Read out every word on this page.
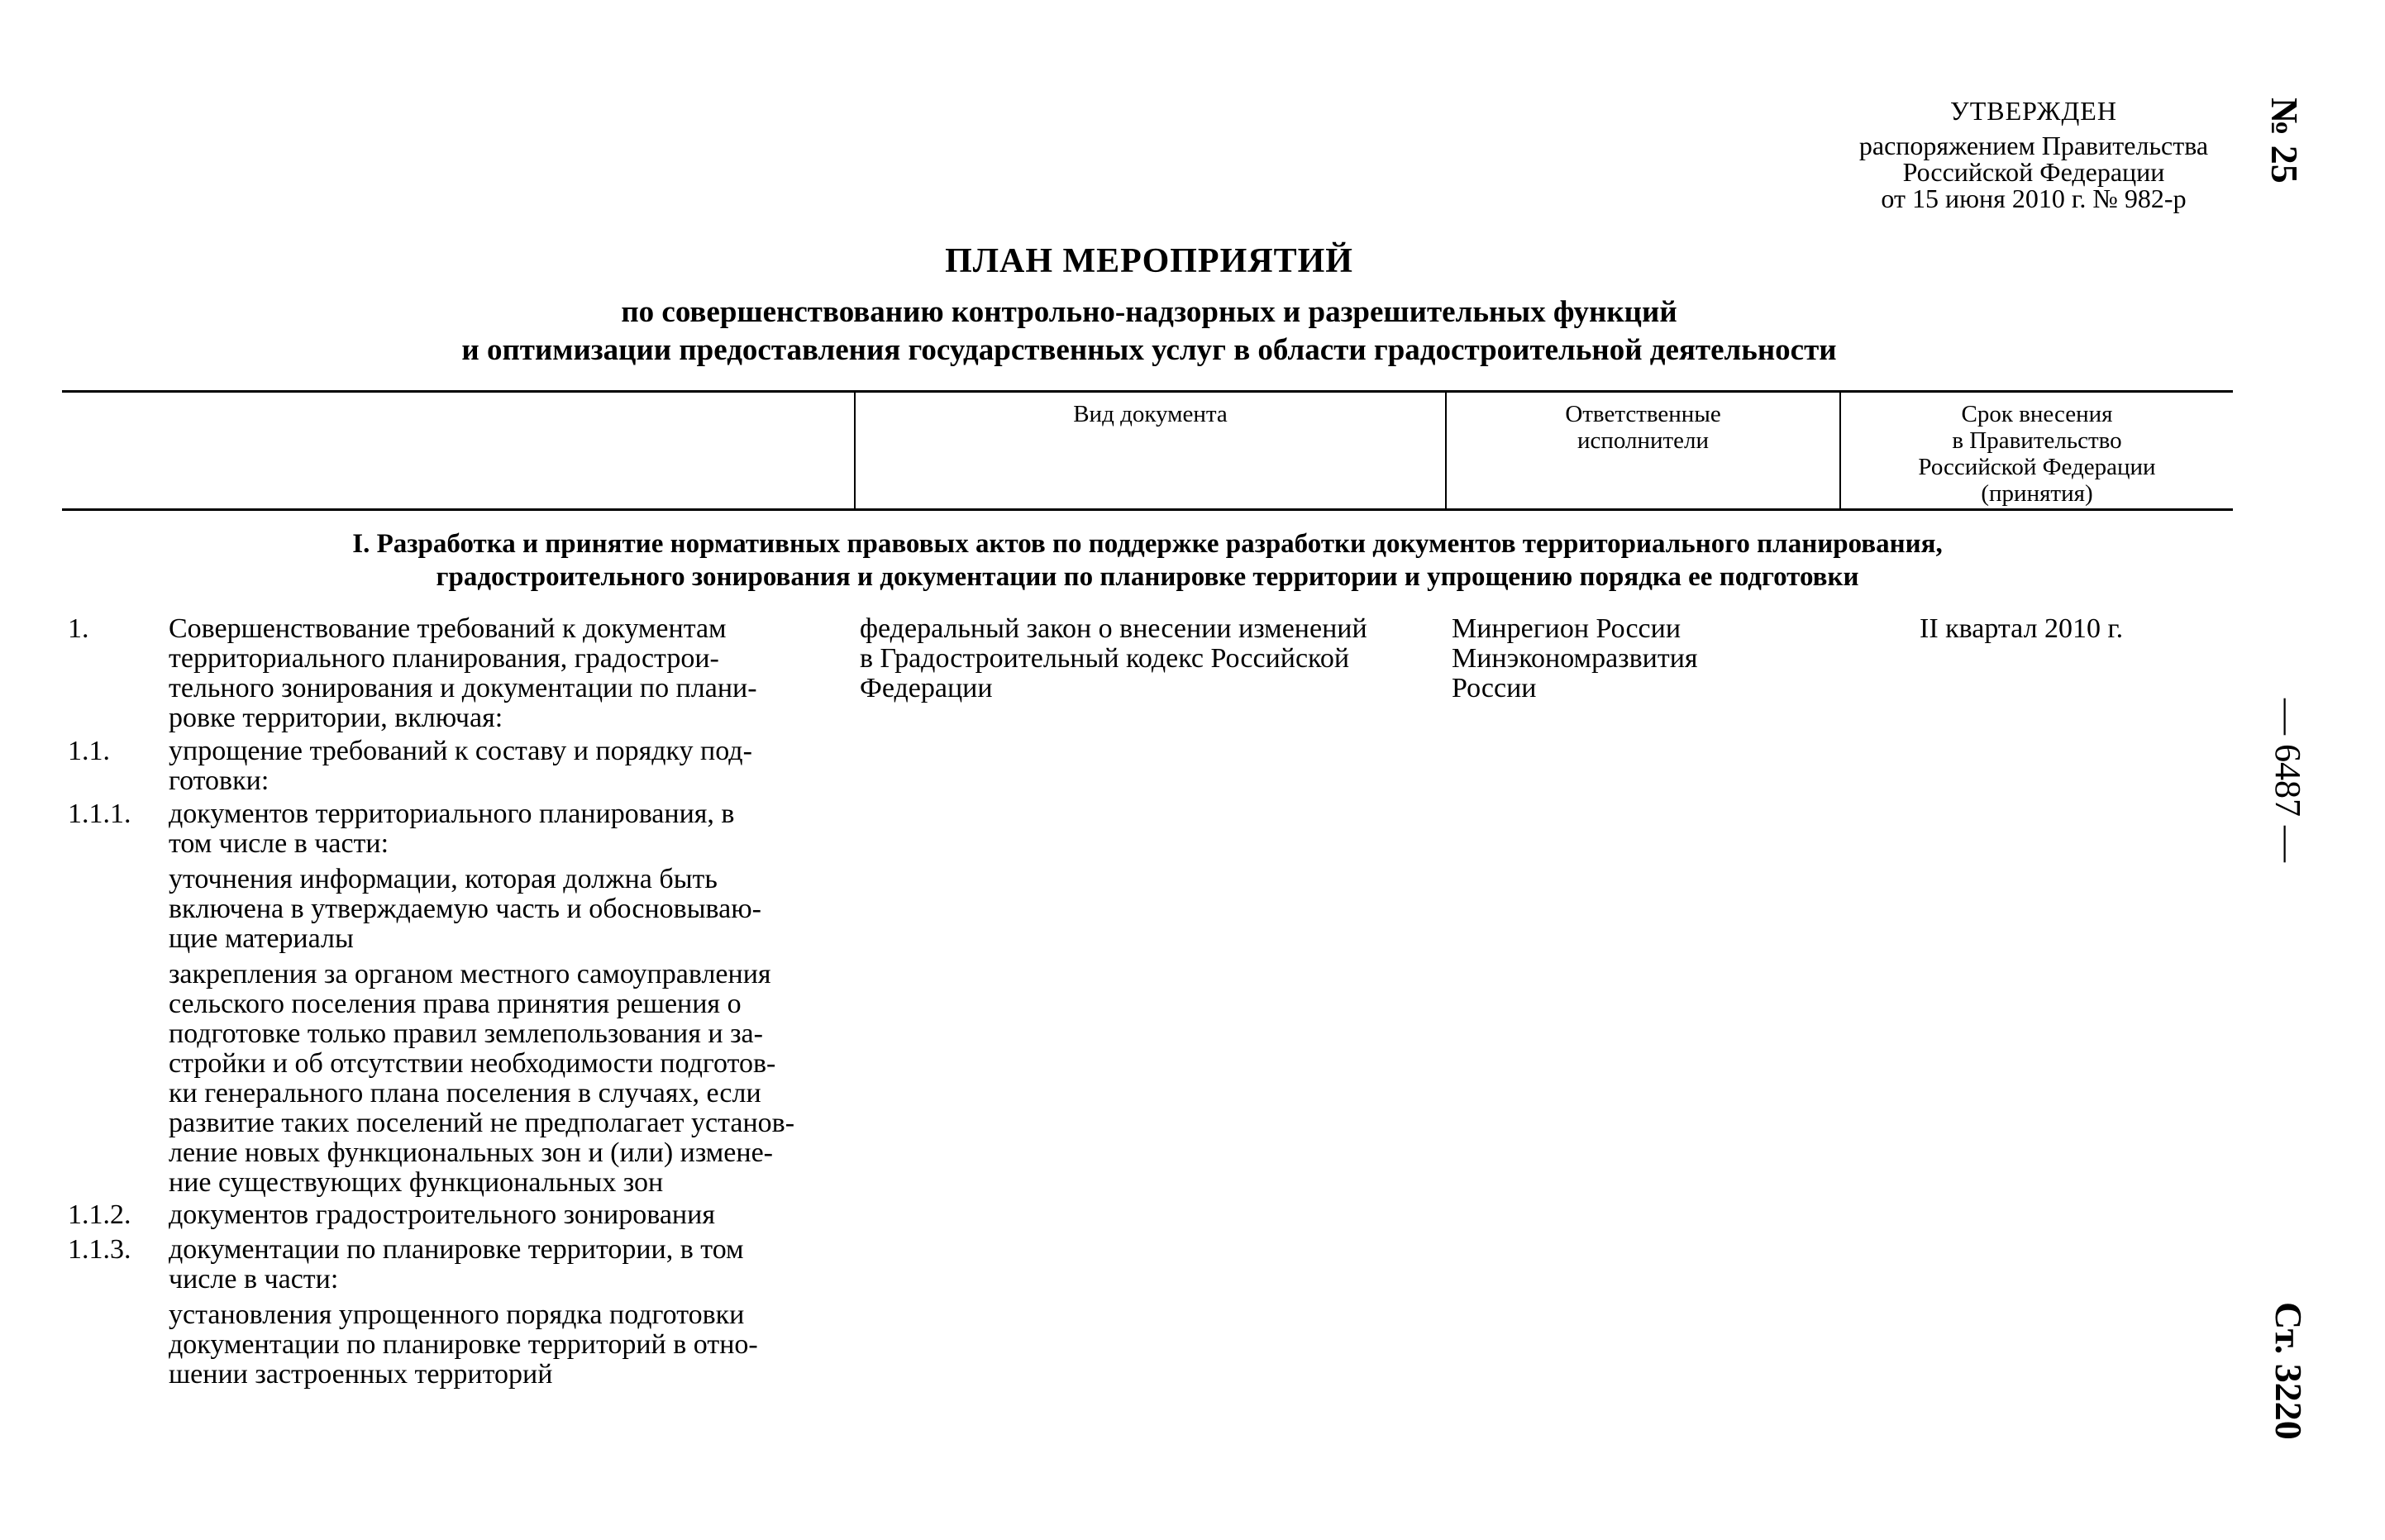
УТВЕРЖДЕН
распоряжением Правительства
Российской Федерации
от 15 июня 2010 г. № 982-р
№ 25
— 6487 —
Ст. 3220
ПЛАН МЕРОПРИЯТИЙ
по совершенствованию контрольно-надзорных и разрешительных функций
и оптимизации предоставления государственных услуг в области градостроительной деятельности
Вид документа	Ответственные
исполнители
Срок внесения
в Правительство
Российской Федерации
(принятия)
I. Разработка и принятие нормативных правовых актов по поддержке разработки документов территориального планирования,
градостроительного зонирования и документации по планировке территории и упрощению порядка ее подготовки
1.	Совершенствование требований к документам
территориального планирования, градострои-
тельного зонирования и документации по плани-
ровке территории, включая:
1.1. упрощение требований к составу и порядку под-
готовки:
1.1.1. документов территориального планирования, в
том числе в части:
уточнения информации, которая должна быть
включена в утверждаемую часть и обосновываю-
щие материалы
закрепления за органом местного самоуправления
сельского поселения права принятия решения о
подготовке только правил землепользования и за-
стройки и об отсутствии необходимости подготов-
ки генерального плана поселения в случаях, если
развитие таких поселений не предполагает установ-
ление новых функциональных зон и (или) измене-
ние существующих функциональных зон
1.1.2. документов градостроительного зонирования
1.1.3. документации по планировке территории, в том
числе в части:
установления упрощенного порядка подготовки
документации по планировке территорий в отно-
шении застроенных территорий
федеральный закон о внесении изменений
в Градостроительный кодекс Российской
Федерации
Минрегион России
Минэкономразвития
России
II квартал 2010 г.
